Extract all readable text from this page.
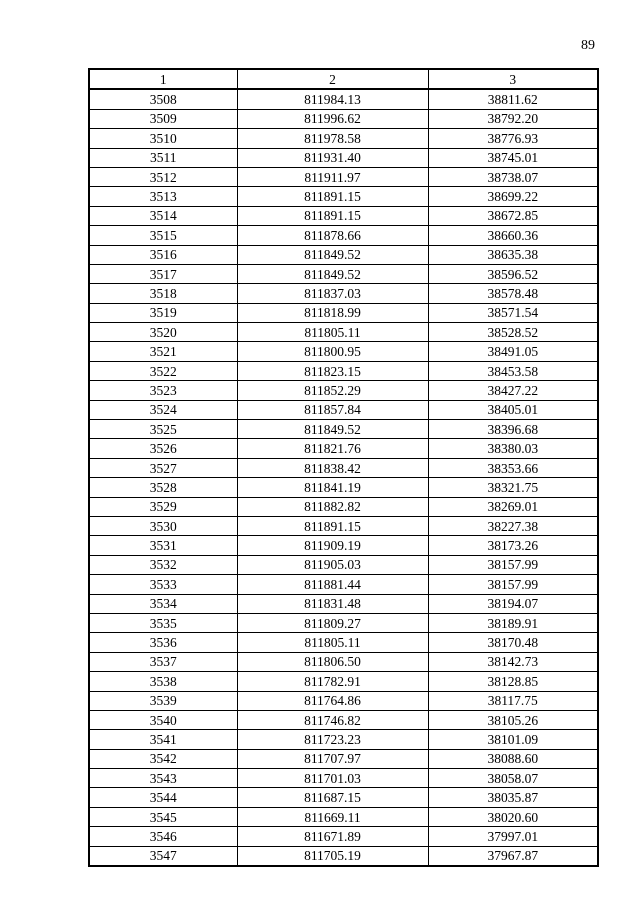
89
1	2	3
3508	811984.13	38811.62
3509	811996.62	38792.20
3510	811978.58	38776.93
3511	811931.40	38745.01
3512	811911.97	38738.07
3513	811891.15	38699.22
3514	811891.15	38672.85
3515	811878.66	38660.36
3516	811849.52	38635.38
3517	811849.52	38596.52
3518	811837.03	38578.48
3519	811818.99	38571.54
3520	811805.11	38528.52
3521	811800.95	38491.05
3522	811823.15	38453.58
3523	811852.29	38427.22
3524	811857.84	38405.01
3525	811849.52	38396.68
3526	811821.76	38380.03
3527	811838.42	38353.66
3528	811841.19	38321.75
3529	811882.82	38269.01
3530	811891.15	38227.38
3531	811909.19	38173.26
3532	811905.03	38157.99
3533	811881.44	38157.99
3534	811831.48	38194.07
3535	811809.27	38189.91
3536	811805.11	38170.48
3537	811806.50	38142.73
3538	811782.91	38128.85
3539	811764.86	38117.75
3540	811746.82	38105.26
3541	811723.23	38101.09
3542	811707.97	38088.60
3543	811701.03	38058.07
3544	811687.15	38035.87
3545	811669.11	38020.60
3546	811671.89	37997.01
3547	811705.19	37967.87
